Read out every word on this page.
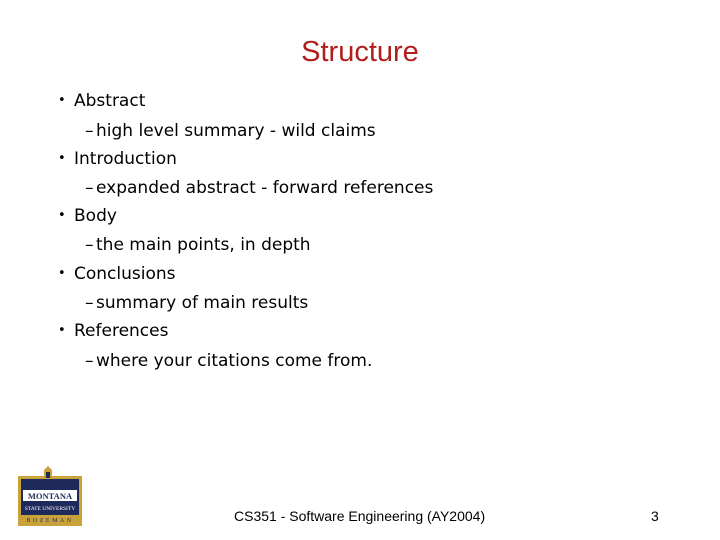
Structure
• Abstract
– high level summary - wild claims
• Introduction
– expanded abstract - forward references
• Body
– the main points, in depth
• Conclusions
– summary of main results
• References
– where your citations come from.
MONTANA
STATE UNIVERSITY
BOZEMAN	CS351 - Software Engineering (AY2004)	3
